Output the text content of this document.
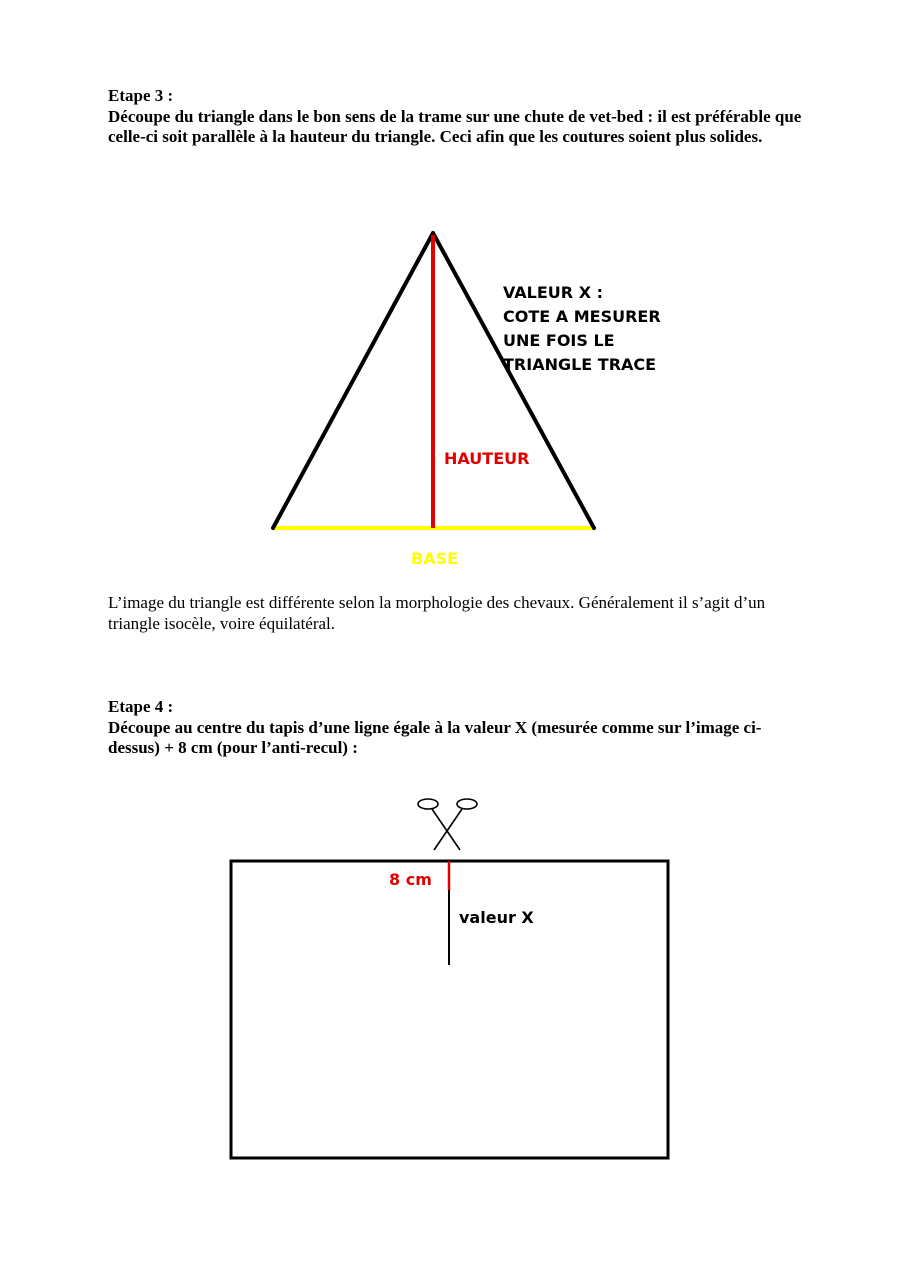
Etape 3 :

Découpe du triangle dans le bon sens de la trame sur une chute de vet-bed : il est préférable que celle-ci soit parallèle à la hauteur du triangle. Ceci afin que les coutures soient plus solides.

VALEUR X :
COTE A MESURER
UNE FOIS LE
TRIANGLE TRACE
HAUTEUR
BASE
8 cm
valeur X
L’image du triangle est différente selon la morphologie des chevaux. Généralement il s’agit d’un triangle isocèle, voire équilatéral.

Etape 4 :

Découpe au centre du tapis d’une ligne égale à la valeur X (mesurée comme sur l’image ci-dessus) + 8 cm (pour l’anti-recul) :
